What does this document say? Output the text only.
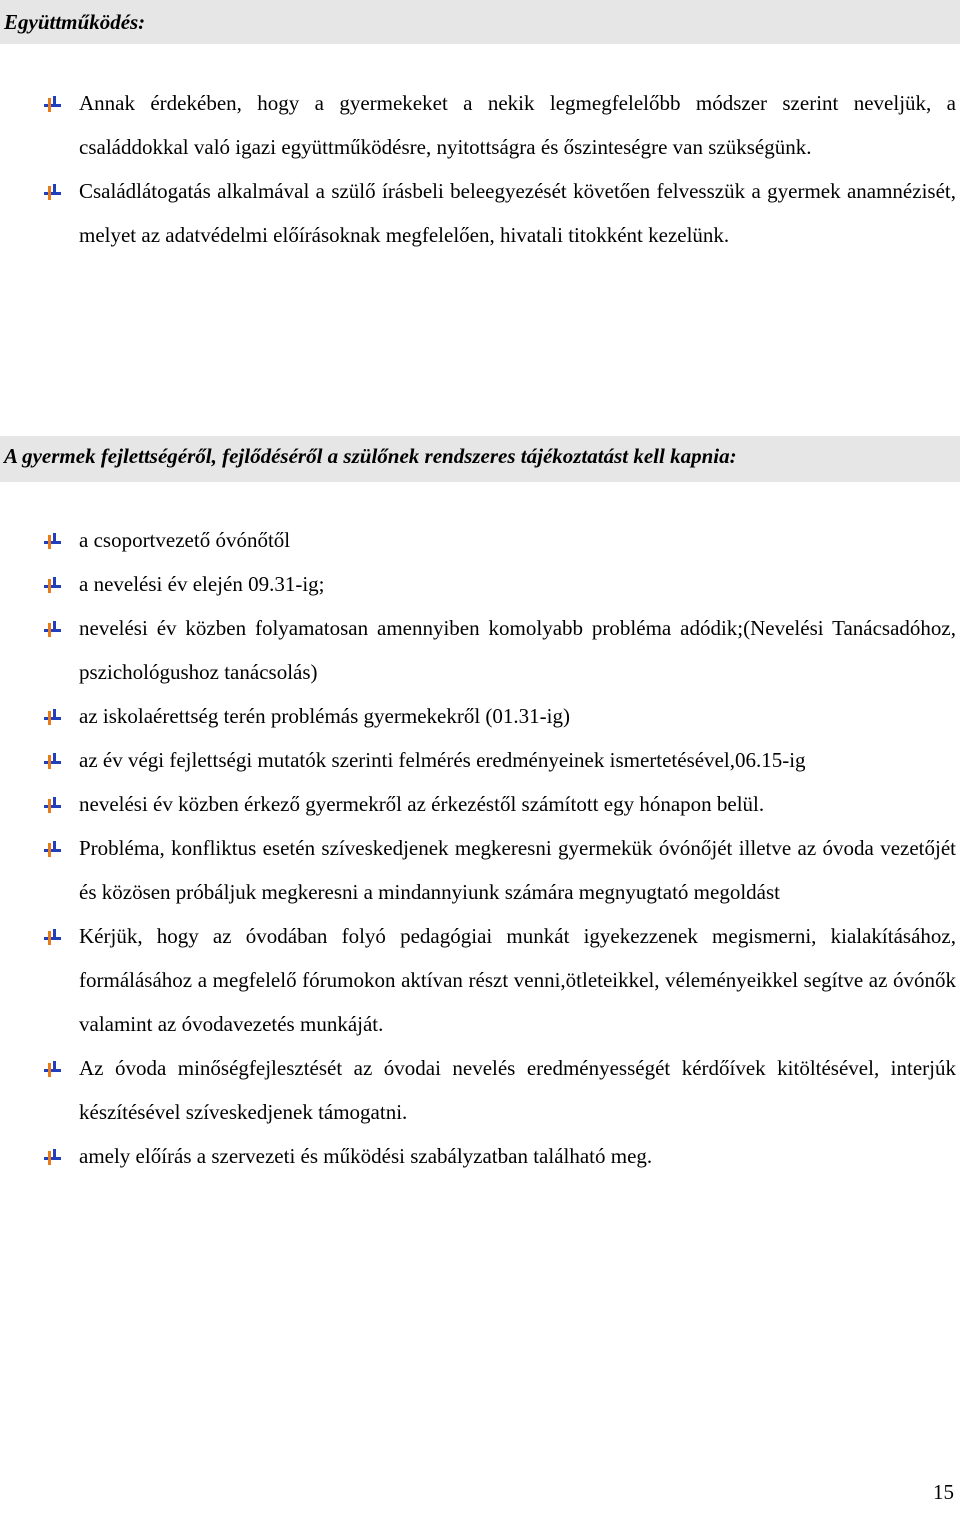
Együttműködés:
Annak érdekében, hogy a gyermekeket a nekik legmegfelelőbb módszer szerint neveljük, a családdokkal való igazi együttműködésre, nyitottságra és őszinteségre van szükségünk.
Családlátogatás alkalmával a szülő írásbeli beleegyezését követően felvesszük a gyermek anamnézisét, melyet az adatvédelmi előírásoknak megfelelően, hivatali titokként kezelünk.
A gyermek fejlettségéről, fejlődéséről a szülőnek rendszeres tájékoztatást kell kapnia:
a csoportvezető óvónőtől
a nevelési év elején 09.31-ig;
nevelési év közben folyamatosan amennyiben komolyabb probléma adódik;(Nevelési Tanácsadóhoz, pszichológushoz tanácsolás)
az iskolaérettség terén problémás gyermekekről (01.31-ig)
az év végi fejlettségi mutatók szerinti felmérés eredményeinek ismertetésével,06.15-ig
nevelési év közben érkező gyermekről az érkezéstől számított egy hónapon belül.
Probléma, konfliktus esetén szíveskedjenek megkeresni gyermekük óvónőjét illetve az óvoda vezetőjét és közösen próbáljuk megkeresni a mindannyiunk számára megnyugtató megoldást
Kérjük, hogy az óvodában folyó pedagógiai munkát igyekezzenek megismerni, kialakításához, formálásához a megfelelő fórumokon aktívan részt venni,ötleteikkel, véleményeikkel segítve az óvónők valamint az óvodavezetés munkáját.
Az óvoda minőségfejlesztését az óvodai nevelés eredményességét kérdőívek kitöltésével, interjúk készítésével szíveskedjenek támogatni.
amely előírás a szervezeti és működési szabályzatban található meg.
15
